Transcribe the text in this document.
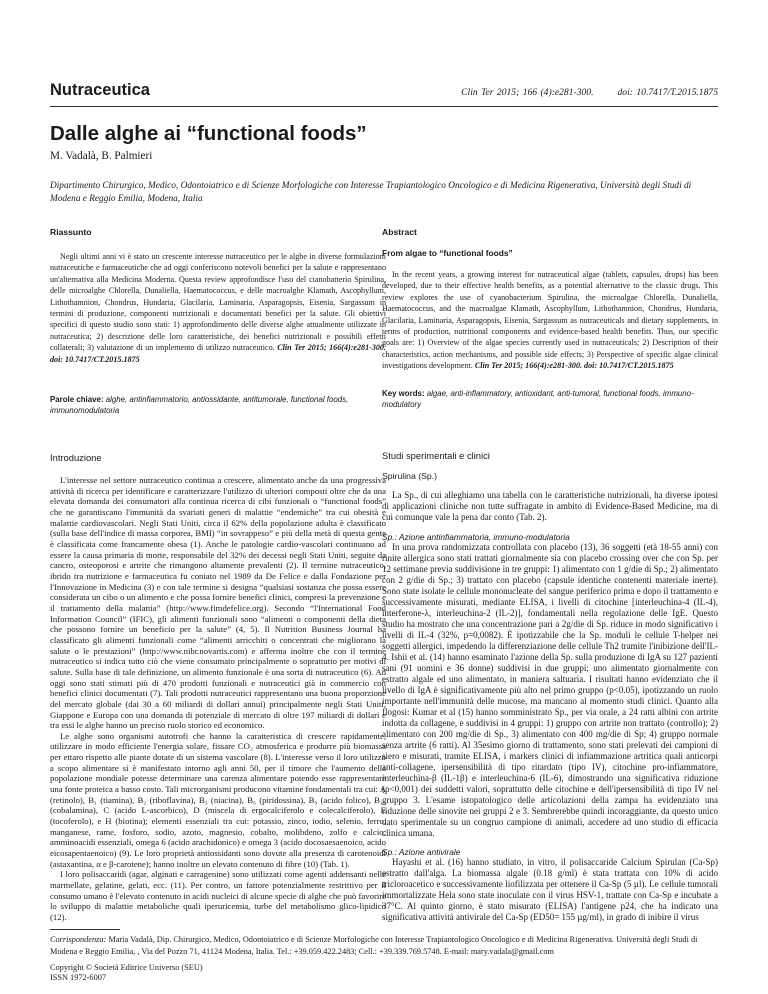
Nutraceutica	Clin Ter 2015; 166 (4):e281-300.	doi: 10.7417/T.2015.1875
Dalle alghe ai “functional foods”
M. Vadalà, B. Palmieri
Dipartimento Chirurgico, Medico, Odontoiatrico e di Scienze Morfologiche con Interesse Trapiantologico Oncologico e di Medicina Rigenerativa, Università degli Studi di Modena e Reggio Emilia, Modena, Italia

Riassunto

Negli ultimi anni vi è stato un crescente interesse nutraceutico per le alghe in diverse formulazioni nutraceutiche e farmaceutiche che ad oggi conferiscono notevoli benefici per la salute e rappresentano un'alternativa alla Medicina Moderna. Questa review approfondisce l'uso del cianobatterio Spirulina, delle microalghe Chlorella, Dunaliella, Haematococcus, e delle macroalghe Klamath, Ascophyllum, Lithothamnion, Chondrus, Hundaria, Glacilaria, Laminaria, Asparagopsis, Eisenia, Sargassum in termini di produzione, componenti nutrizionali e documentati benefici per la salute. Gli obiettivi specifici di questo studio sono stati: 1) approfondimento delle diverse alghe attualmente utilizzate in nutraceutica; 2) descrizione delle loro caratteristiche, dei benefici nutrizionali e possibili effetti collaterali; 3) valutazione di un implemento di utilizzo nutraceutico. Clin Ter 2015; 166(4):e281-300. doi: 10.7417/CT.2015.1875

Parole chiave: alghe, antinfiammatorio, antiossidante, antitumorale, functional foods, immunomodulatoria

Introduzione

L'interesse nel settore nutraceutico continua a crescere, alimentato anche da una progressiva attività di ricerca per identificare e caratterizzare l'utilizzo di ulteriori composti oltre che da una elevata domanda dei consumatori alla continua ricerca di cibi funzionali o “functional foods” che ne garantiscano l'immunità da svariati generi di malattie “endemiche” tra cui obesità e malattie cardiovascolari. Negli Stati Uniti, circa il 62% della popolazione adulta è classificato (sulla base dell'indice di massa corporea, BMI) “in sovrappeso” e più della metà di questa gente è classificata come francamente obesa (1). Anche le patologie cardio-vascolari continuano ad essere la causa primaria di morte, responsabile del 32% dei decessi negli Stati Uniti, seguite da cancro, osteoporosi e artrite che rimangono altamente prevalenti (2). Il termine nutraceutico, ibrido tra nutrizione e farmaceutica fu coniato nel 1989 da De Felice e dalla Fondazione per l'Innovazione in Medicina (3) e con tale termine si designa “qualsiasi sostanza che possa essere considerata un cibo o un alimento e che possa fornire benefici clinici, compresi la prevenzione e il trattamento della malattia” (http://www.fimdefelice.org). Secondo “l'International Food Information Council” (IFIC), gli alimenti funzionali sono “alimenti o componenti della dieta che possono fornire un beneficio per la salute” (4, 5). Il Nutrition Business Journal ha classificato gli alimenti funzionali come “alimenti arricchiti o concentrati che migliorano la salute o le prestazioni” (http://www.nibr.novartis.com) e afferma inoltre che con il termine nutraceutico si indica tutto ciò che viene consumato principalmente o soprattutto per motivi di salute. Sulla base di tale definizione, un alimento funzionale è una sorta di nutraceutico (6). Ad oggi sono stati stimati più di 470 prodotti funzionali e nutraceutici già in commercio con benefici clinici documentati (7). Tali prodotti nutraceutici rappresentano una buona proporzione del mercato globale (dai 30 a 60 miliardi di dollari annui) principalmente negli Stati Uniti, Giappone e Europa con una domanda di potenziale di mercato di oltre 197 miliardi di dollari e tra essi le alghe hanno un preciso ruolo storico ed economico.

Le alghe sono organismi autotrofi che hanno la caratteristica di crescere rapidamente, utilizzare in modo efficiente l'energia solare, fissare CO₂ atmosferica e produrre più biomassa per ettaro rispetto alle piante dotate di un sistema vascolare (8). L'interesse verso il loro utilizzo a scopo alimentare si è manifestato intorno agli anni 50, per il timore che l'aumento della popolazione mondiale potesse determinare una carenza alimentare potendo esse rappresentare una fonte proteica a basso costo. Tali microrganismi producono vitamine fondamentali tra cui: A (retinolo), B₁ (tiamina), B₂ (riboflavina), B₃ (niacina), B₆ (piridossina), B₉ (acido folico), B₁₂ (cobalamina), C (acido L-ascorbico), D (miscela di ergocalciferolo e colecalciferolo), E (tocoferolo), e H (biotina); elementi essenziali tra cui: potassio, zinco, iodio, selenio, ferro, manganese, rame, fosforo, sodio, azoto, magnesio, cobalto, molibdeno, zolfo e calcio; amminoacidi essenziali, omega 6 (acido arachidonico) e omega 3 (acido docosaesaenoico, acido eicosapentaenoico) (9). Le loro proprietà antiossidanti sono dovute alla presenza di carotenoidi (astaxantina, α e β-carotene); hanno inoltre un elevato contenuto di fibre (10) (Tab. 1).

I loro polisaccaridi (agar, alginati e carragenine) sono utilizzati come agenti addensanti nelle marmellate, gelatine, gelati, ecc. (11). Per contro, un fattore potenzialmente restrittivo per il consumo umano è l'elevato contenuto in acidi nucleici di alcune specie di alghe che può favorire lo sviluppo di malattie metaboliche quali iperuricemia, turbe del metabolismo glico-lipidico (12).

Abstract

From algae to “functional foods”

In the recent years, a growing interest for nutraceutical algae (tablets, capsules, drops) has been developed, due to their effective health benefits, as a potential alternative to the classic drugs. This review explores the use of cyanobacterium Spirulina, the microalgae Chlorella, Dunaliella, Haematococcus, and the macroalgae Klamath, Ascophyllum, Lithothamnion, Chondrus, Hundaria, Glacilaria, Laminaria, Asparagopsis, Eisenia, Sargassum as nutraceuticals and dietary supplements, in terms of production, nutritional components and evidence-based health benefits. Thus, our specific goals are: 1) Overview of the algae species currently used in nutraceuticals; 2) Description of their characteristics, action mechanisms, and possible side effects; 3) Perspective of specific algae clinical investigations development. Clin Ter 2015; 166(4):e281-300. doi: 10.7417/CT.2015.1875

Key words: algae, anti-inflammatory, antioxidant, anti-tumoral, functional foods, immuno-modulatory

Studi sperimentali e clinici

Spirulina (Sp.)

La Sp., di cui alleghiamo una tabella con le caratteristiche nutrizionali, ha diverse ipotesi di applicazioni cliniche non tutte suffragate in ambito di Evidence-Based Medicine, ma di cui comunque vale la pena dar conto (Tab. 2).

Sp.: Azione antinfiammatoria, immuno-modulatoria

In una prova randomizzata controllata con placebo (13), 36 soggetti (età 18-55 anni) con rinite allergica sono stati trattati giornalmente sia con placebo crossing over che con Sp. per 12 settimane previa suddivisione in tre gruppi: 1) alimentato con 1 g/die di Sp.; 2) alimentato con 2 g/die di Sp.; 3) trattato con placebo (capsule identiche contenenti materiale inerte). Sono state isolate le cellule mononucleate del sangue periferico prima e dopo il trattamento e successivamente misurati, mediante ELISA, i livelli di citochine [interleuchina-4 (IL-4), interferone-λ, interleuchina-2 (IL-2)], fondamentali nella regolazione delle IgE. Questo studio ha mostrato che una concentrazione pari a 2g/die di Sp. riduce in modo significativo i livelli di IL-4 (32%, p=0,0082). È ipotizzabile che la Sp. moduli le cellule T-helper nei soggetti allergici, impedendo la differenziazione delle cellule Th2 tramite l'inibizione dell'IL-4. Ishii et al. (14) hanno esaminato l'azione della Sp. sulla produzione di IgA su 127 pazienti sani (91 uomini e 36 donne) suddivisi in due gruppi; uno alimentato giornalmente con estratto algale ed uno alimentato, in maniera saltuaria. I risultati hanno evidenziato che il livello di IgA è significativamente più alto nel primo gruppo (p<0.05), ipotizzando un ruolo importante nell'immunità delle mucose, ma mancano al momento studi clinici. Quanto alla flogosi: Kumar et al (15) hanno somministrato Sp., per via orale, a 24 ratti albini con artrite indotta da collagene, e suddivisi in 4 gruppi: 1) gruppo con artrite non trattato (controllo); 2) alimentato con 200 mg/die di Sp., 3) alimentato con 400 mg/die di Sp; 4) gruppo normale senza artrite (6 ratti). Al 35esimo giorno di trattamento, sono stati prelevati dei campioni di siero e misurati, tramite ELISA, i markers clinici di infiammazione artritica quali anticorpi anti-collagene, ipersensibilità di tipo ritardato (tipo IV), citochine pro-infiammatore, interleuchina-β (IL-1β) e interleuchina-6 (IL-6), dimostrando una significativa riduzione (p<0,001) dei suddetti valori, soprattutto delle citochine e dell'ipersensibilità di tipo IV nel gruppo 3. L'esame istopatologico delle articolazioni della zampa ha evidenziato una riduzione delle sinovite nei gruppi 2 e 3. Sembrerebbe quindi incoraggiante, da questo unico dato sperimentale su un congruo campione di animali, accedere ad uno studio di efficacia clinica umana.

Sp.: Azione antivirale

Hayashi et al. (16) hanno studiato, in vitro, il polisaccaride Calcium Spirulan (Ca-Sp) estratto dall'alga. La biomassa algale (0.18 g/ml) è stata trattata con 10% di acido tricloroacetico e successivamente liofilizzata per ottenere il Ca-Sp (5 µl). Le cellule tumorali immortalizzate Hela sono state inoculate con il virus HSV-1, trattate con Ca-Sp e incubate a 37°C. Al quinto giorno, è stato misurato (ELISA) l'antigene p24, che ha indicato una significativa attività antivirale del Ca-Sp (ED50= 155 µg/ml), in grado di inibire il virus

Corrispondenza: Maria Vadalà, Dip. Chirurgico, Medico, Odontoiatrico e di Scienze Morfologiche con Interesse Trapiantologico Oncologico e di Medicina Rigenerativa. Università degli Studi di Modena e Reggio Emilia, , Via del Pozzo 71, 41124 Modena, Italia. Tel.: +39.059.422.2483; Cell.: +39.339.769.5748. E-mail: mary.vadala@gmail.com
Copyright © Società Editrice Universo (SEU)
ISSN 1972-6007
